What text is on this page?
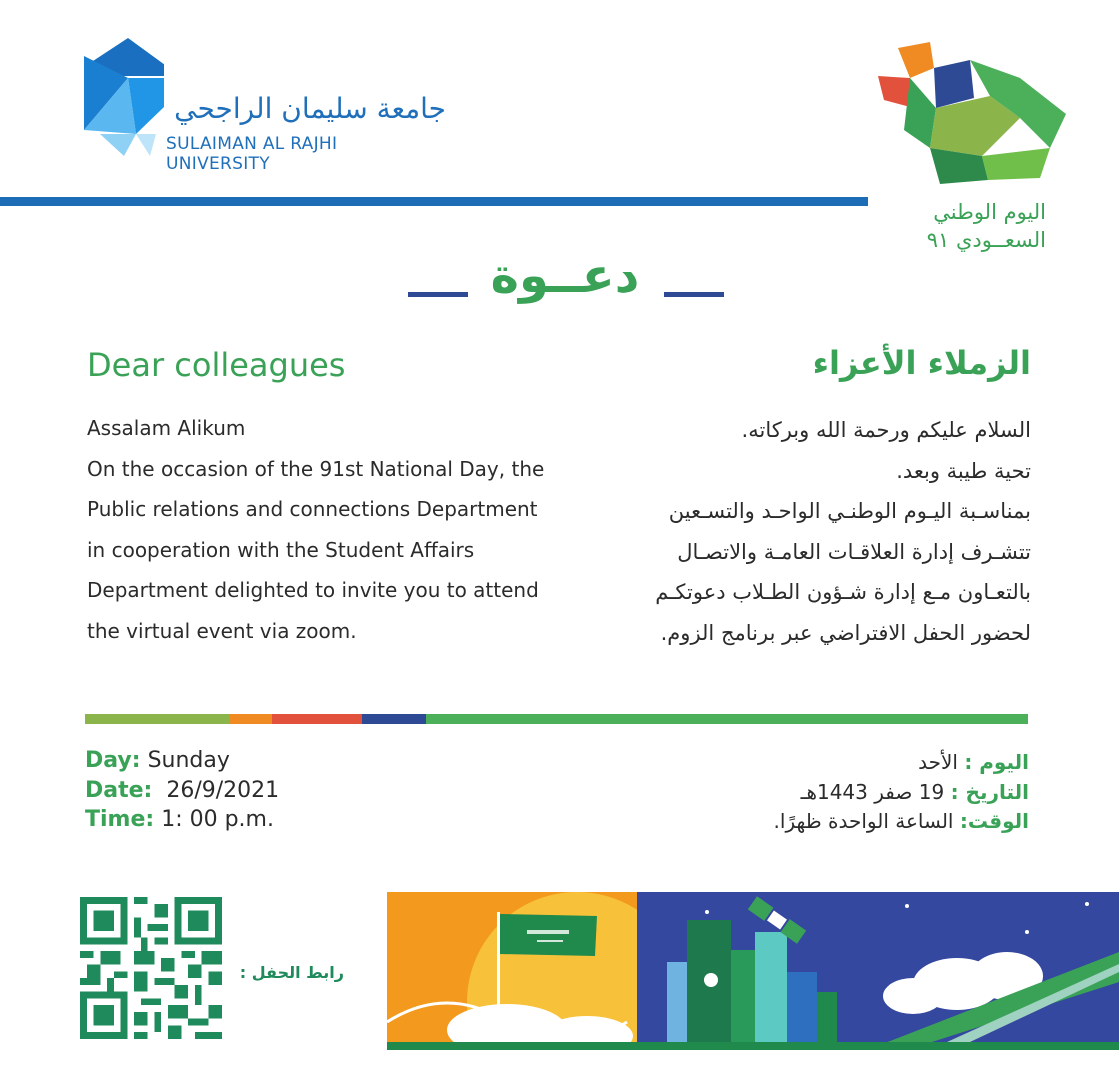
جامعة سليمان الراجحي
SULAIMAN AL RAJHI UNIVERSITY
اليوم الوطني
السعــودي ٩١
دعــوة
Dear colleagues	الزملاء الأعزاء
Assalam Alikum
On the occasion of the 91st National Day, the
Public relations and connections Department
in cooperation with the Student Affairs
Department delighted to invite you to attend
the virtual event via zoom.
السلام عليكم ورحمة الله وبركاته.
تحية طيبة وبعد.
بمناسـبة اليـوم الوطنـي الواحـد والتسـعين
تتشـرف إدارة العلاقـات العامـة والاتصـال
بالتعـاون مـع إدارة شـؤون الطـلاب دعوتكـم
لحضور الحفل الافتراضي عبر برنامج الزوم.
Day: Sunday
Date:  26/9/2021
Time: 1: 00 p.m.
اليوم : الأحد
التاريخ : 19 صفر 1443هـ
الوقت: الساعة الواحدة ظهرًا.
رابط الحفل :
